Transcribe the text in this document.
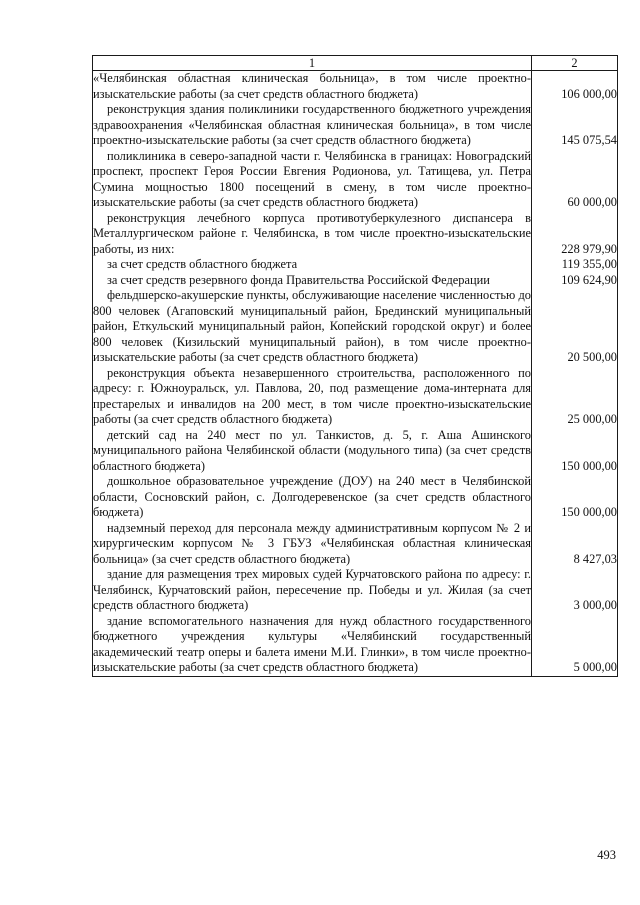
1	2

«Челябинская областная клиническая больница», в том числе проектно-изыскательские работы (за счет средств областного бюджета)	106 000,00

реконструкция здания поликлиники государственного бюджетного учреждения здравоохранения «Челябинская областная клиническая больница», в том числе проектно-изыскательские работы (за счет средств областного бюджета)	145 075,54

поликлиника в северо-западной части г. Челябинска в границах: Новоградский проспект, проспект Героя России Евгения Родионова, ул. Татищева, ул. Петра Сумина мощностью 1800 посещений в смену, в том числе проектно-изыскательские работы (за счет средств областного бюджета)	60 000,00

реконструкция лечебного корпуса противотуберкулезного диспансера в Металлургическом районе г. Челябинска, в том числе проектно-изыскательские работы, из них:	228 979,90

за счет средств областного бюджета	119 355,00

за счет средств резервного фонда Правительства Российской Федерации	109 624,90

фельдшерско-акушерские пункты, обслуживающие население численностью до 800 человек (Агаповский муниципальный район, Брединский муниципальный район, Еткульский муниципальный район, Копейский городской округ) и более 800 человек (Кизильский муниципальный район), в том числе проектно-изыскательские работы (за счет средств областного бюджета)	20 500,00

реконструкция объекта незавершенного строительства, расположенного по адресу: г. Южноуральск, ул. Павлова, 20, под размещение дома-интерната для престарелых и инвалидов на 200 мест, в том числе проектно-изыскательские работы (за счет средств областного бюджета)	25 000,00

детский сад на 240 мест по ул. Танкистов, д. 5, г. Аша Ашинского муниципального района Челябинской области (модульного типа) (за счет средств областного бюджета)	150 000,00

дошкольное образовательное учреждение (ДОУ) на 240 мест в Челябинской области, Сосновский район, с. Долгодеревенское (за счет средств областного бюджета)	150 000,00

надземный переход для персонала между административным корпусом № 2 и хирургическим корпусом № 3 ГБУЗ «Челябинская областная клиническая больница» (за счет средств областного бюджета)	8 427,03

здание для размещения трех мировых судей Курчатовского района по адресу: г. Челябинск, Курчатовский район, пересечение пр. Победы и ул. Жилая (за счет средств областного бюджета)	3 000,00

здание вспомогательного назначения для нужд областного государственного бюджетного учреждения культуры «Челябинский государственный академический театр оперы и балета имени М.И. Глинки», в том числе проектно-изыскательские работы (за счет средств областного бюджета)	5 000,00
493
